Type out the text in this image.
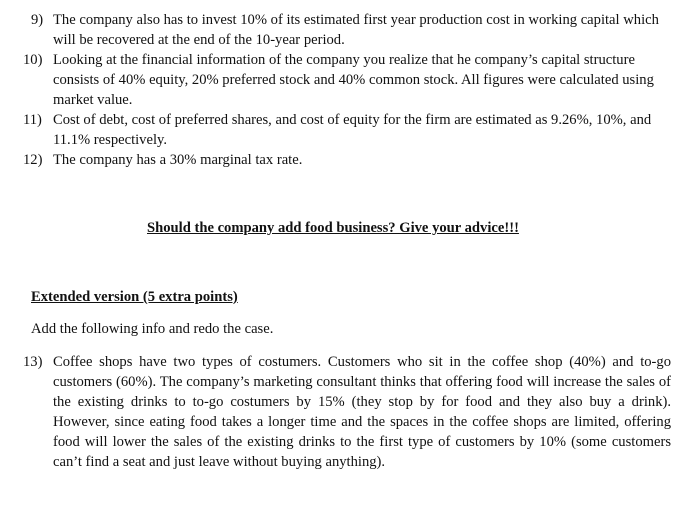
9) The company also has to invest 10% of its estimated first year production cost in working capital which will be recovered at the end of the 10-year period.
10) Looking at the financial information of the company you realize that he company’s capital structure consists of 40% equity, 20% preferred stock and 40% common stock. All figures were calculated using market value.
11) Cost of debt, cost of preferred shares, and cost of equity for the firm are estimated as 9.26%, 10%, and 11.1% respectively.
12) The company has a 30% marginal tax rate.
Should the company add food business? Give your advice!!!
Extended version (5 extra points)
Add the following info and redo the case.
13) Coffee shops have two types of costumers. Customers who sit in the coffee shop (40%) and to-go customers (60%). The company’s marketing consultant thinks that offering food will increase the sales of the existing drinks to to-go costumers by 15% (they stop by for food and they also buy a drink). However, since eating food takes a longer time and the spaces in the coffee shops are limited, offering food will lower the sales of the existing drinks to the first type of customers by 10% (some customers can’t find a seat and just leave without buying anything).
